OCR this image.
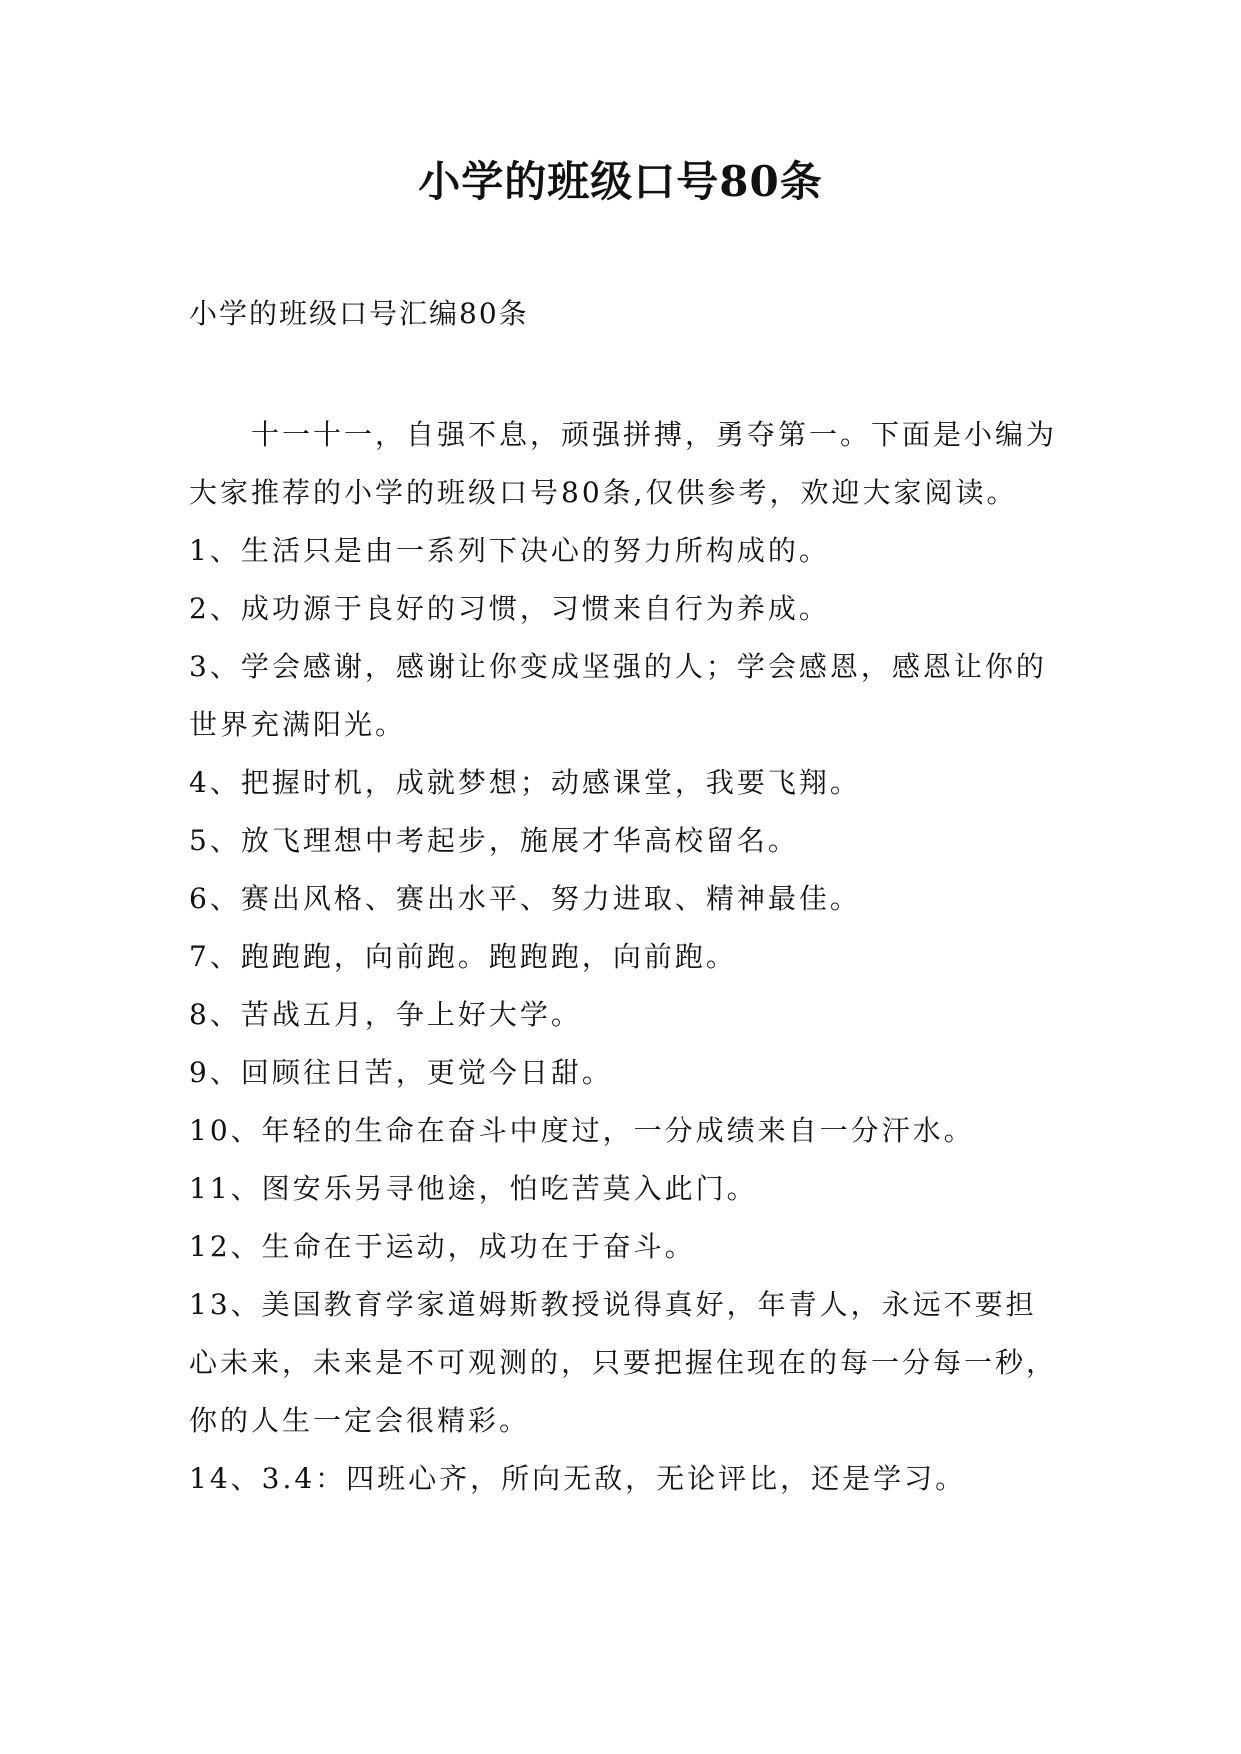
小学的班级口号80条
小学的班级口号汇编80条

十一十一，自强不息，顽强拼搏，勇夺第一。下面是小编为大家推荐的小学的班级口号80条,仅供参考，欢迎大家阅读。

1、生活只是由一系列下决心的努力所构成的。

2、成功源于良好的习惯，习惯来自行为养成。

3、学会感谢，感谢让你变成坚强的人；学会感恩，感恩让你的世界充满阳光。

4、把握时机，成就梦想；动感课堂，我要飞翔。

5、放飞理想中考起步，施展才华高校留名。

6、赛出风格、赛出水平、努力进取、精神最佳。

7、跑跑跑，向前跑。跑跑跑，向前跑。

8、苦战五月，争上好大学。

9、回顾往日苦，更觉今日甜。

10、年轻的生命在奋斗中度过，一分成绩来自一分汗水。

11、图安乐另寻他途，怕吃苦莫入此门。

12、生命在于运动，成功在于奋斗。

13、美国教育学家道姆斯教授说得真好，年青人，永远不要担心未来，未来是不可观测的，只要把握住现在的每一分每一秒，你的人生一定会很精彩。

14、3.4：四班心齐，所向无敌，无论评比，还是学习。
